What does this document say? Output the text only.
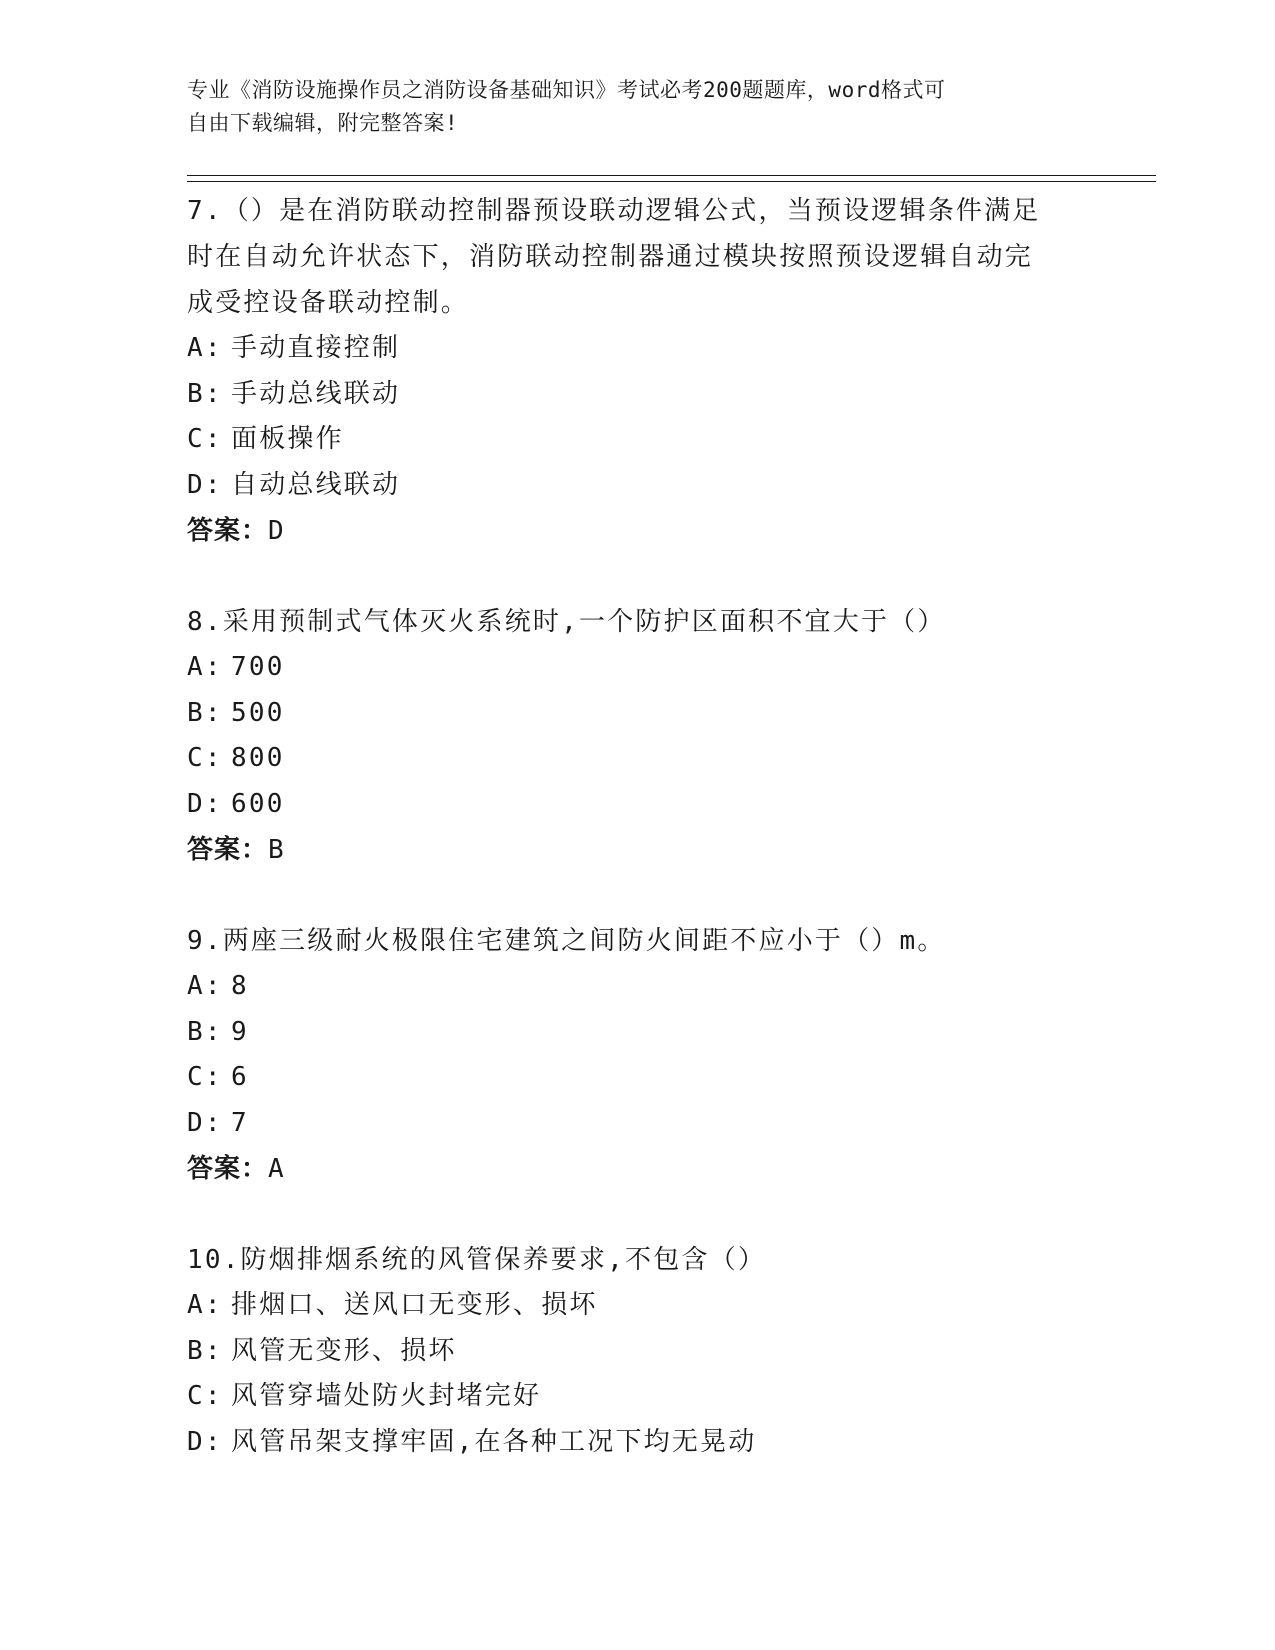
专业《消防设施操作员之消防设备基础知识》考试必考200题题库，word格式可
自由下载编辑，附完整答案!
7.（）是在消防联动控制器预设联动逻辑公式，当预设逻辑条件满足
时在自动允许状态下，消防联动控制器通过模块按照预设逻辑自动完
成受控设备联动控制。
A: 手动直接控制
B: 手动总线联动
C: 面板操作
D: 自动总线联动
答案：D
8.采用预制式气体灭火系统时,一个防护区面积不宜大于（）
A: 700
B: 500
C: 800
D: 600
答案：B
9.两座三级耐火极限住宅建筑之间防火间距不应小于（）m。
A: 8
B: 9
C: 6
D: 7
答案：A
10.防烟排烟系统的风管保养要求,不包含（）
A: 排烟口、送风口无变形、损坏
B: 风管无变形、损坏
C: 风管穿墙处防火封堵完好
D: 风管吊架支撑牢固,在各种工况下均无晃动
